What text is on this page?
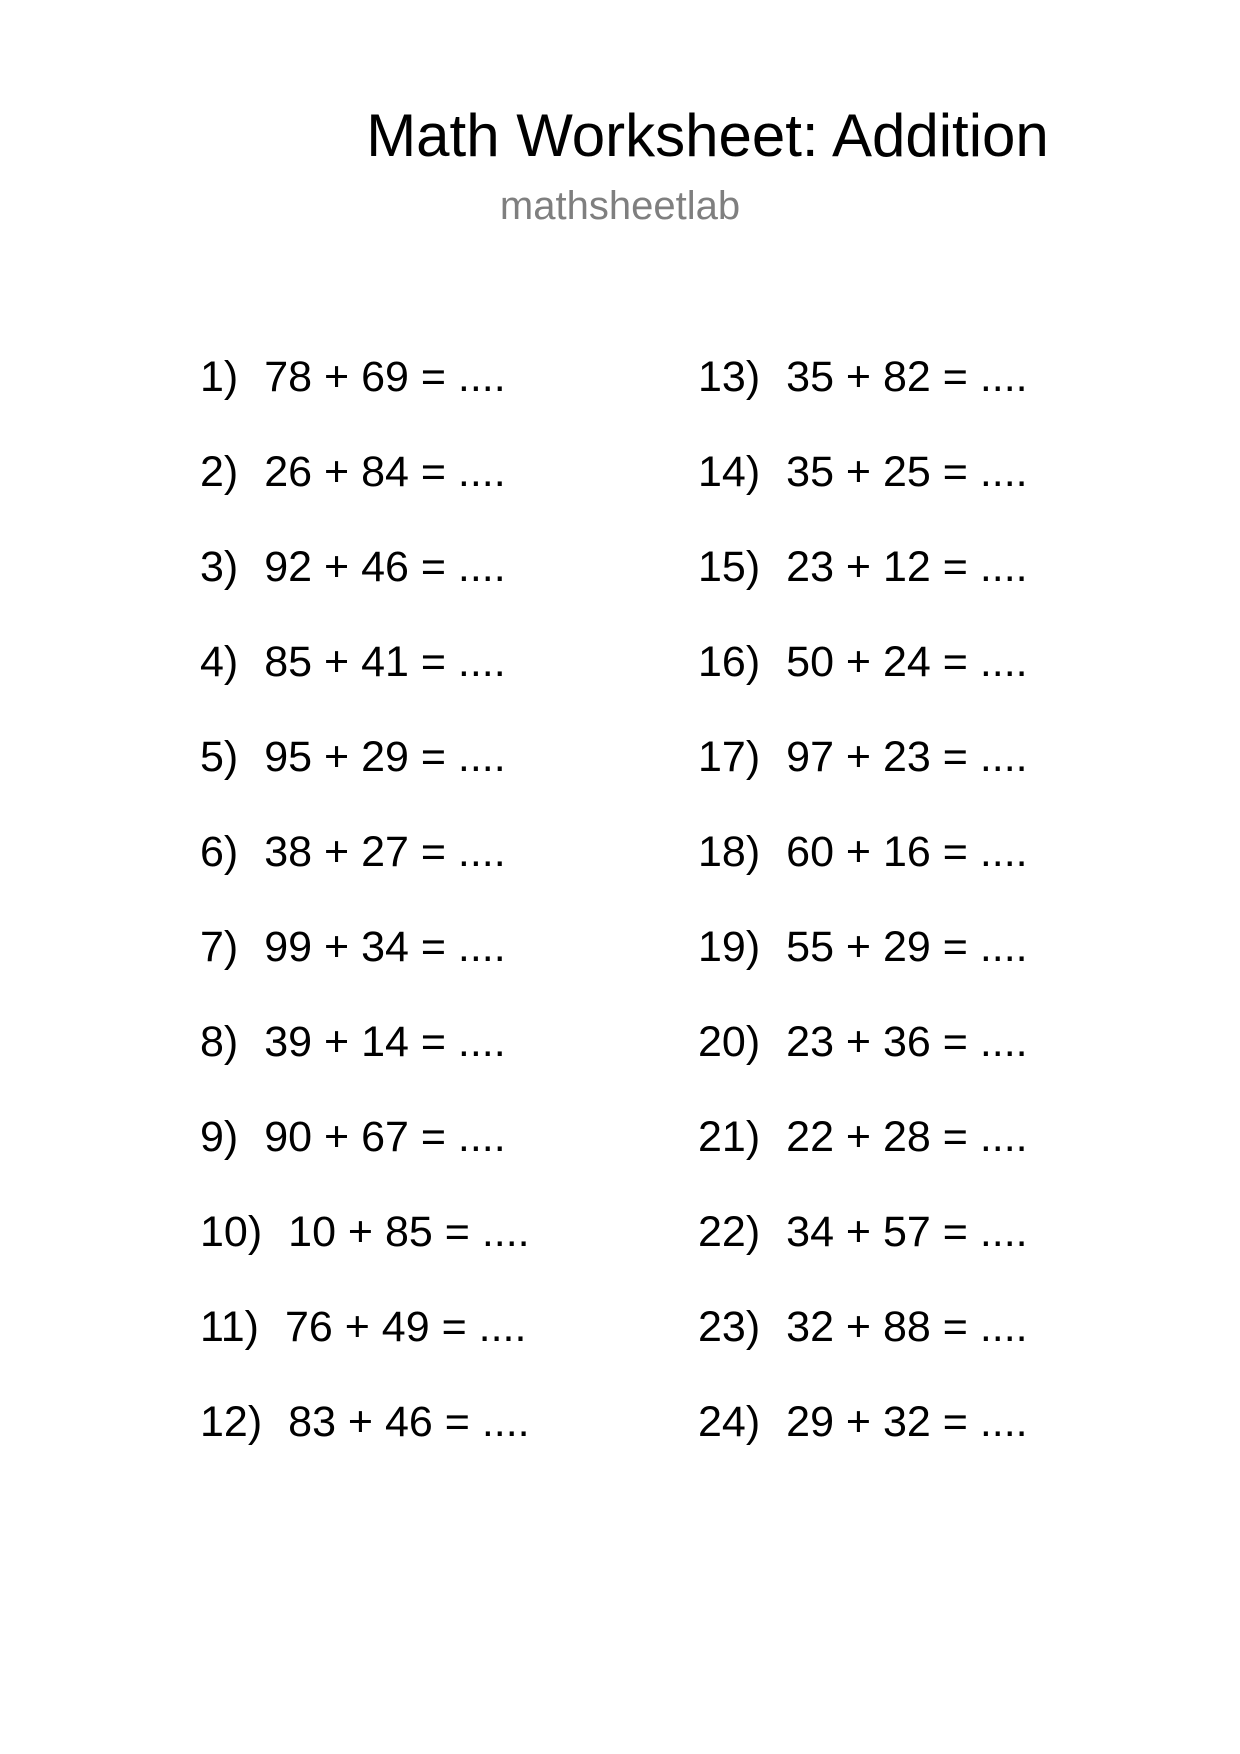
Math Worksheet: Addition
mathsheetlab
1) 78 + 69 = ....
2) 26 + 84 = ....
3) 92 + 46 = ....
4) 85 + 41 = ....
5) 95 + 29 = ....
6) 38 + 27 = ....
7) 99 + 34 = ....
8) 39 + 14 = ....
9) 90 + 67 = ....
10) 10 + 85 = ....
11) 76 + 49 = ....
12) 83 + 46 = ....
13) 35 + 82 = ....
14) 35 + 25 = ....
15) 23 + 12 = ....
16) 50 + 24 = ....
17) 97 + 23 = ....
18) 60 + 16 = ....
19) 55 + 29 = ....
20) 23 + 36 = ....
21) 22 + 28 = ....
22) 34 + 57 = ....
23) 32 + 88 = ....
24) 29 + 32 = ....
